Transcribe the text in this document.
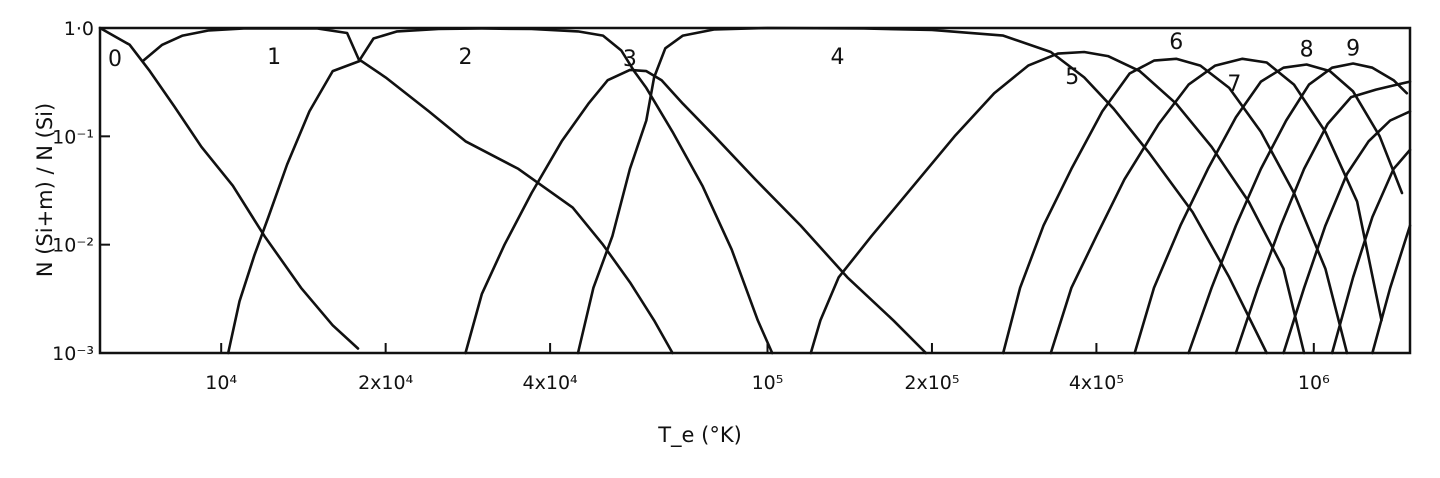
10⁴	2x10⁴	4x10⁴	10⁵	2x10⁵	4x10⁵	10⁶
1·0
10⁻¹
10⁻²
10⁻³
0	1	2	3	4
5
6
7
8 9
T_e (°K)
N (Si+m) / N (Si)
